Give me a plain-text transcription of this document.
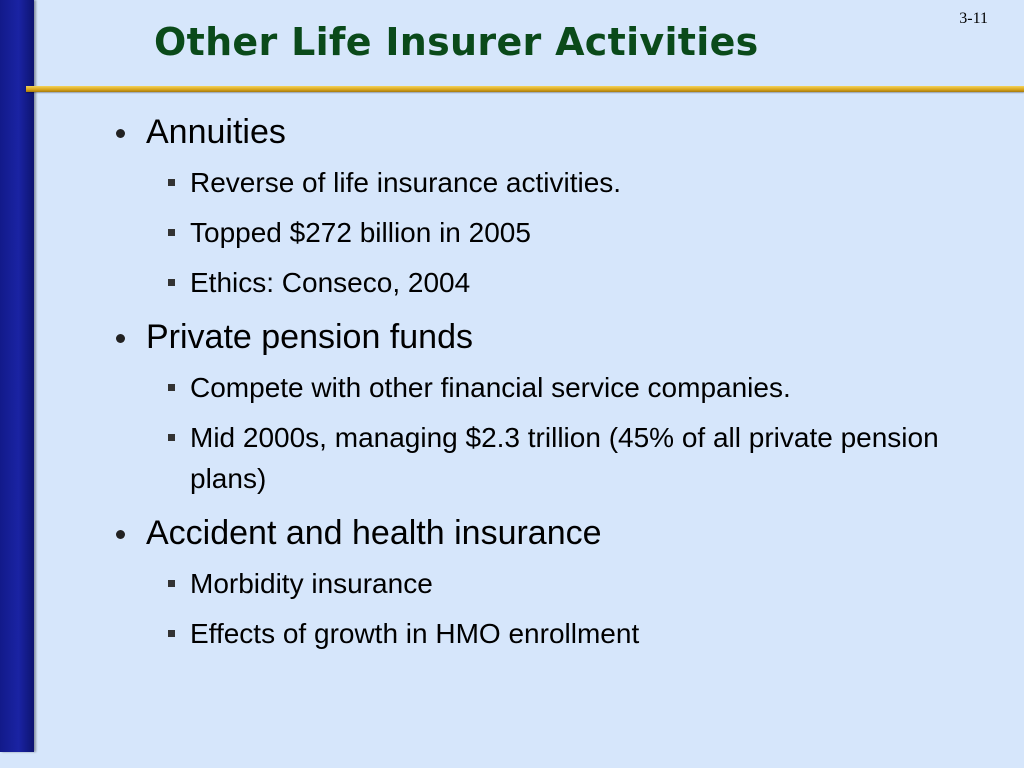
3-11
Other Life Insurer Activities
Annuities
Reverse of life insurance activities.
Topped $272 billion in 2005
Ethics: Conseco, 2004
Private pension funds
Compete with other financial service companies.
Mid 2000s, managing $2.3 trillion (45% of all private pension plans)
Accident and health insurance
Morbidity insurance
Effects of growth in HMO enrollment
